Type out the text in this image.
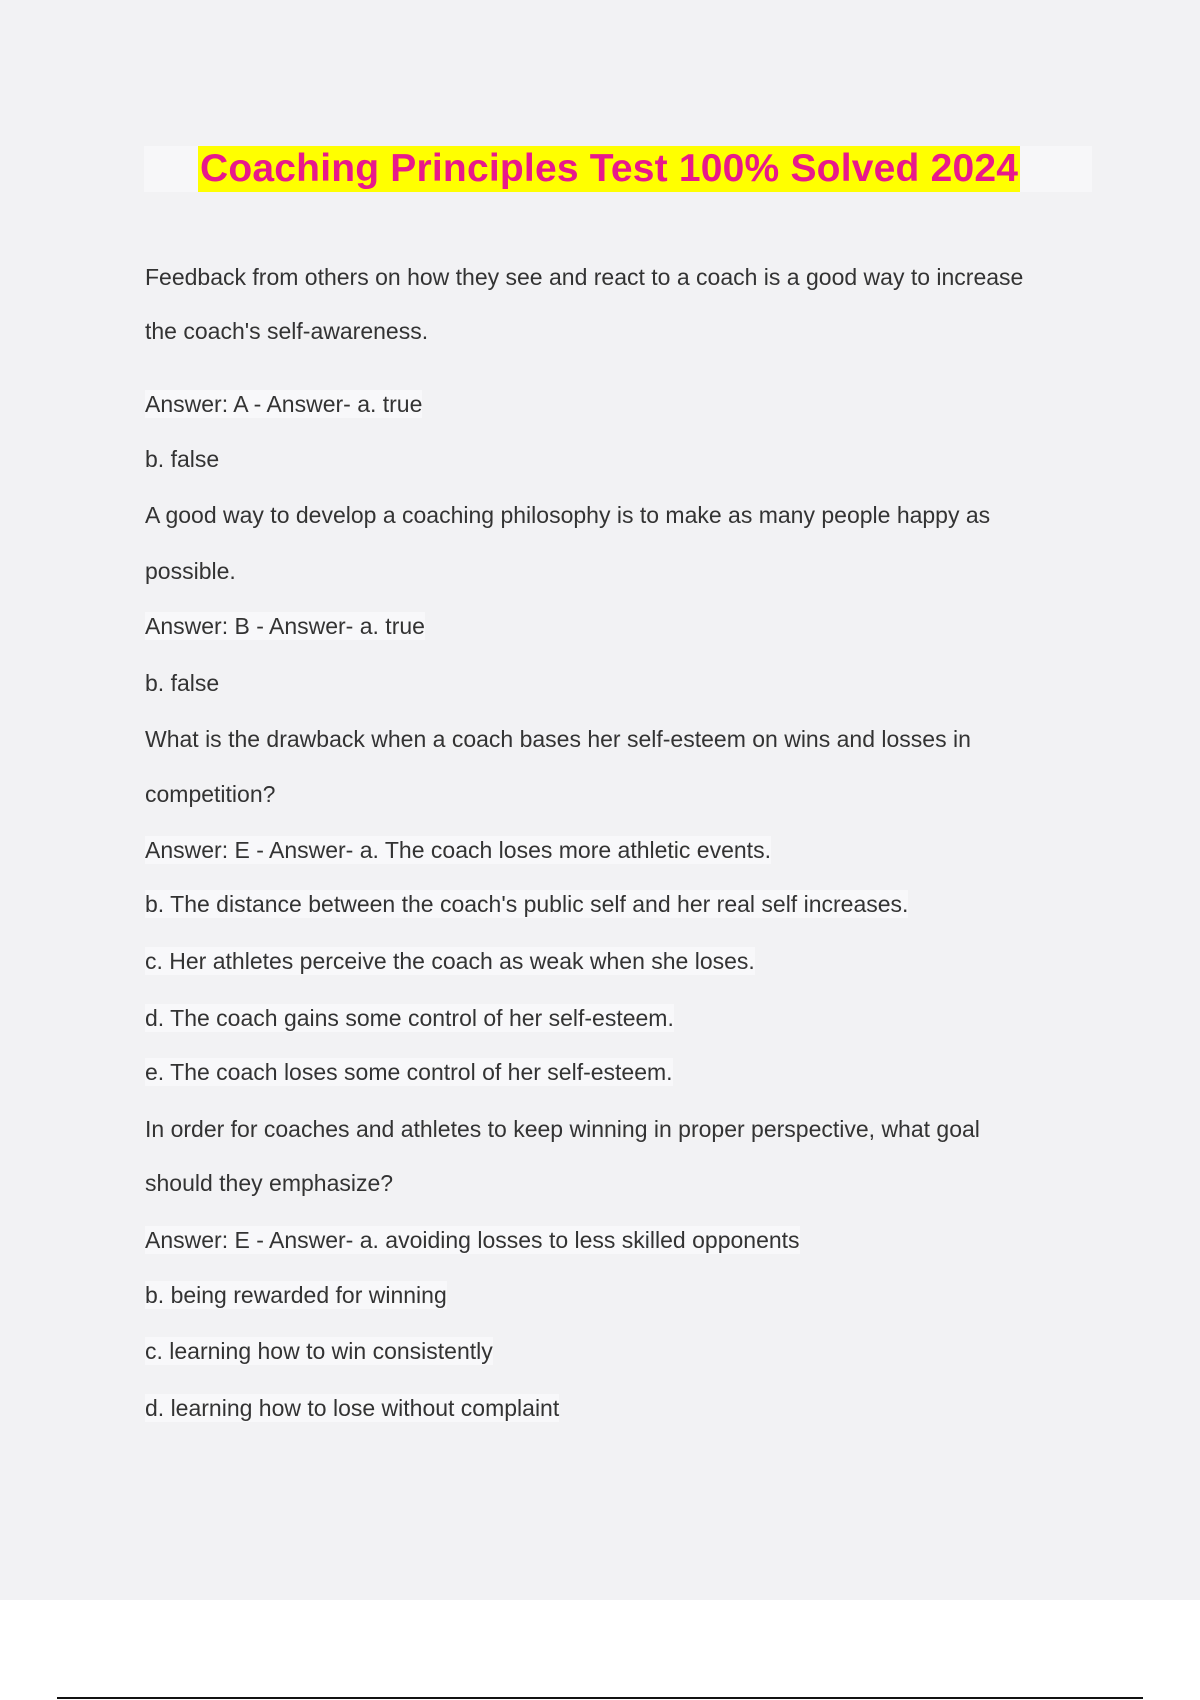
Coaching Principles Test 100% Solved 2024
Feedback from others on how they see and react to a coach is a good way to increase
the coach's self-awareness.
Answer: A - Answer- a. true
b. false
A good way to develop a coaching philosophy is to make as many people happy as
possible.
Answer: B - Answer- a. true
b. false
What is the drawback when a coach bases her self-esteem on wins and losses in
competition?
Answer: E - Answer- a. The coach loses more athletic events.
b. The distance between the coach's public self and her real self increases.
c. Her athletes perceive the coach as weak when she loses.
d. The coach gains some control of her self-esteem.
e. The coach loses some control of her self-esteem.
In order for coaches and athletes to keep winning in proper perspective, what goal
should they emphasize?
Answer: E - Answer- a. avoiding losses to less skilled opponents
b. being rewarded for winning
c. learning how to win consistently
d. learning how to lose without complaint
